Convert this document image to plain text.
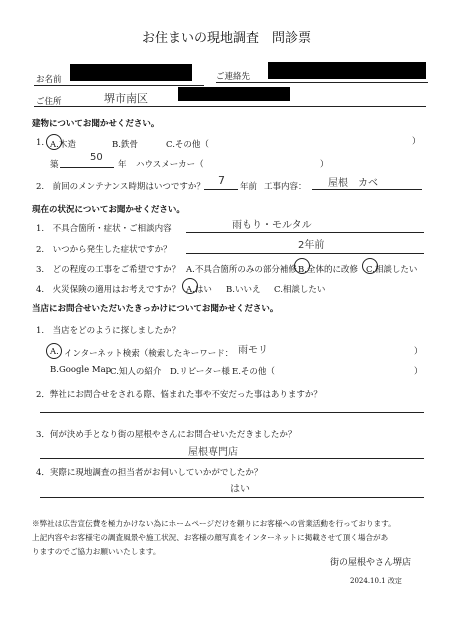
お住まいの現地調査　問診票
お名前	ご連絡先
ご住所	堺市南区
建物についてお聞かせください。
1. A.木造	B.鉄骨	C.その他（	）
築
50
年 ハウスメーカー（	）
2.　前回のメンテナンス時期はいつですか？ 7 年前 工事内容： 屋根　カベ
現在の状況についてお聞かせください。
1.　不具合箇所・症状・ご相談内容	雨もり・モルタル
2.　いつから発生した症状ですか？	2年前
3.　どの程度の工事をご希望ですか？ A.不具合箇所のみの部分補修 B.全体的に改修 C.相談したい
4.　火災保険の適用はお考えですか？ A.はい B.いいえ C.相談したい
当店にお問合せいただいたきっかけについてお聞かせください。
1.　当店をどのように探しましたか？
A. インターネット検索（検索したキーワード： 雨モリ	）
B.Google Map
C.知人の紹介 D.リピーター様 E.その他（	）
2．弊社にお問合せをされる際、悩まれた事や不安だった事はありますか？
3．何が決め手となり街の屋根やさんにお問合せいただきましたか？
屋根専門店
4．実際に現地調査の担当者がお伺いしていかがでしたか？
はい
※弊社は広告宣伝費を極力かけない為にホームページだけを頼りにお客様への営業活動を行っております。
上記内容やお客様宅の調査風景や施工状況、お客様の顔写真をインターネットに掲載させて頂く場合があ
りますのでご協力お願いいたします。
街の屋根やさん堺店
2024.10.1 改定
